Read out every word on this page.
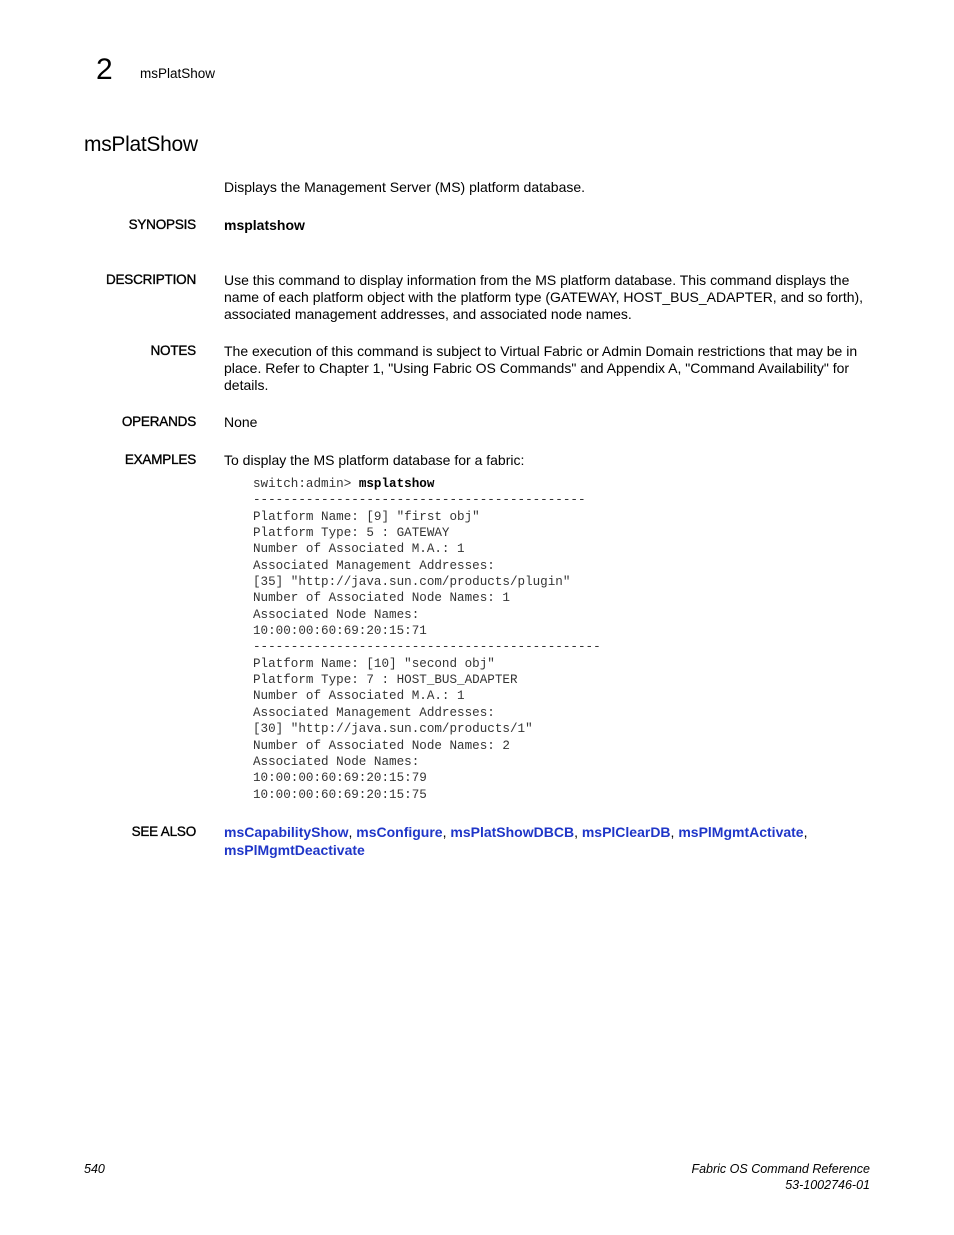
2 msPlatShow
msPlatShow
Displays the Management Server (MS) platform database.
SYNOPSIS msplatshow
DESCRIPTION Use this command to display information from the MS platform database. This command displays the name of each platform object with the platform type (GATEWAY, HOST_BUS_ADAPTER, and so forth), associated management addresses, and associated node names.
NOTES The execution of this command is subject to Virtual Fabric or Admin Domain restrictions that may be in place. Refer to Chapter 1, "Using Fabric OS Commands" and Appendix A, "Command Availability" for details.
OPERANDS None
EXAMPLES To display the MS platform database for a fabric:
switch:admin> msplatshow
--------------------------------------------
Platform Name: [9] "first obj"
Platform Type: 5 : GATEWAY
Number of Associated M.A.: 1
Associated Management Addresses:
[35] "http://java.sun.com/products/plugin"
Number of Associated Node Names: 1
Associated Node Names:
10:00:00:60:69:20:15:71
----------------------------------------------
Platform Name: [10] "second obj"
Platform Type: 7 : HOST_BUS_ADAPTER
Number of Associated M.A.: 1
Associated Management Addresses:
[30] "http://java.sun.com/products/1"
Number of Associated Node Names: 2
Associated Node Names:
10:00:00:60:69:20:15:79
10:00:00:60:69:20:15:75
SEE ALSO msCapabilityShow, msConfigure, msPlatShowDBCB, msPlClearDB, msPlMgmtActivate,
msPlMgmtDeactivate
540	Fabric OS Command Reference
53-1002746-01
